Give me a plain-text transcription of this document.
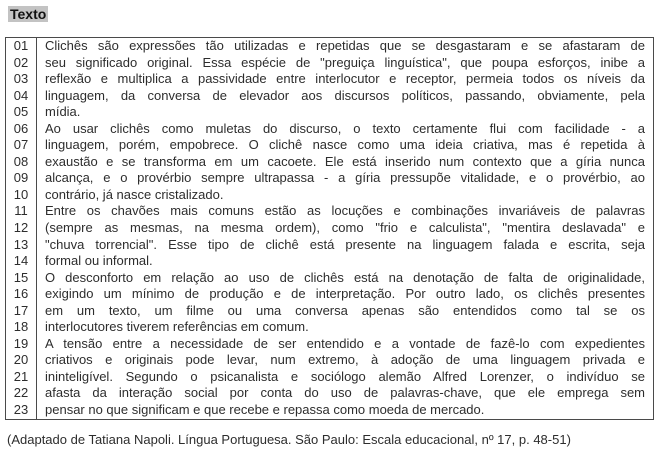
Texto
01	Clichês são expressões tão utilizadas e repetidas que se desgastaram e se afastaram de
02	seu significado original. Essa espécie de "preguiça linguística", que poupa esforços, inibe a
03	reflexão e multiplica a passividade entre interlocutor e receptor, permeia todos os níveis da
04	linguagem, da conversa de elevador aos discursos políticos, passando, obviamente, pela
05	mídia.
06	Ao usar clichês como muletas do discurso, o texto certamente flui com facilidade - a
07	linguagem, porém, empobrece. O clichê nasce como uma ideia criativa, mas é repetida à
08	exaustão e se transforma em um cacoete. Ele está inserido num contexto que a gíria nunca
09	alcança, e o provérbio sempre ultrapassa - a gíria pressupõe vitalidade, e o provérbio, ao
10	contrário, já nasce cristalizado.
11	Entre os chavões mais comuns estão as locuções e combinações invariáveis de palavras
12	(sempre as mesmas, na mesma ordem), como "frio e calculista", "mentira deslavada" e
13	"chuva torrencial". Esse tipo de clichê está presente na linguagem falada e escrita, seja
14	formal ou informal.
15	O desconforto em relação ao uso de clichês está na denotação de falta de originalidade,
16	exigindo um mínimo de produção e de interpretação. Por outro lado, os clichês presentes
17	em um texto, um filme ou uma conversa apenas são entendidos como tal se os
18	interlocutores tiverem referências em comum.
19	A tensão entre a necessidade de ser entendido e a vontade de fazê-lo com expedientes
20	criativos e originais pode levar, num extremo, à adoção de uma linguagem privada e
21	ininteligível. Segundo o psicanalista e sociólogo alemão Alfred Lorenzer, o indivíduo se
22	afasta da interação social por conta do uso de palavras-chave, que ele emprega sem
23	pensar no que significam e que recebe e repassa como moeda de mercado.
(Adaptado de Tatiana Napoli. Língua Portuguesa. São Paulo: Escala educacional, nº 17, p. 48-51)
